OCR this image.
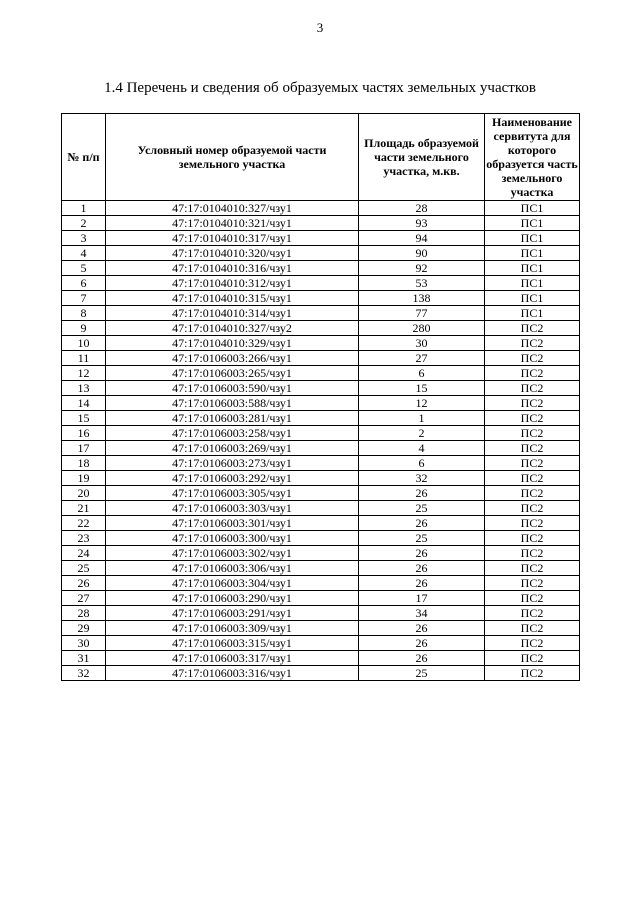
3
1.4 Перечень и сведения об образуемых частях земельных участков
№ п/п	Условный номер образуемой части земельного участка	Площадь образуемой части земельного участка, м.кв.	Наименование сервитута для которого образуется часть земельного участка
1	47:17:0104010:327/чзу1	28	ПС1
2	47:17:0104010:321/чзу1	93	ПС1
3	47:17:0104010:317/чзу1	94	ПС1
4	47:17:0104010:320/чзу1	90	ПС1
5	47:17:0104010:316/чзу1	92	ПС1
6	47:17:0104010:312/чзу1	53	ПС1
7	47:17:0104010:315/чзу1	138	ПС1
8	47:17:0104010:314/чзу1	77	ПС1
9	47:17:0104010:327/чзу2	280	ПС2
10	47:17:0104010:329/чзу1	30	ПС2
11	47:17:0106003:266/чзу1	27	ПС2
12	47:17:0106003:265/чзу1	6	ПС2
13	47:17:0106003:590/чзу1	15	ПС2
14	47:17:0106003:588/чзу1	12	ПС2
15	47:17:0106003:281/чзу1	1	ПС2
16	47:17:0106003:258/чзу1	2	ПС2
17	47:17:0106003:269/чзу1	4	ПС2
18	47:17:0106003:273/чзу1	6	ПС2
19	47:17:0106003:292/чзу1	32	ПС2
20	47:17:0106003:305/чзу1	26	ПС2
21	47:17:0106003:303/чзу1	25	ПС2
22	47:17:0106003:301/чзу1	26	ПС2
23	47:17:0106003:300/чзу1	25	ПС2
24	47:17:0106003:302/чзу1	26	ПС2
25	47:17:0106003:306/чзу1	26	ПС2
26	47:17:0106003:304/чзу1	26	ПС2
27	47:17:0106003:290/чзу1	17	ПС2
28	47:17:0106003:291/чзу1	34	ПС2
29	47:17:0106003:309/чзу1	26	ПС2
30	47:17:0106003:315/чзу1	26	ПС2
31	47:17:0106003:317/чзу1	26	ПС2
32	47:17:0106003:316/чзу1	25	ПС2
